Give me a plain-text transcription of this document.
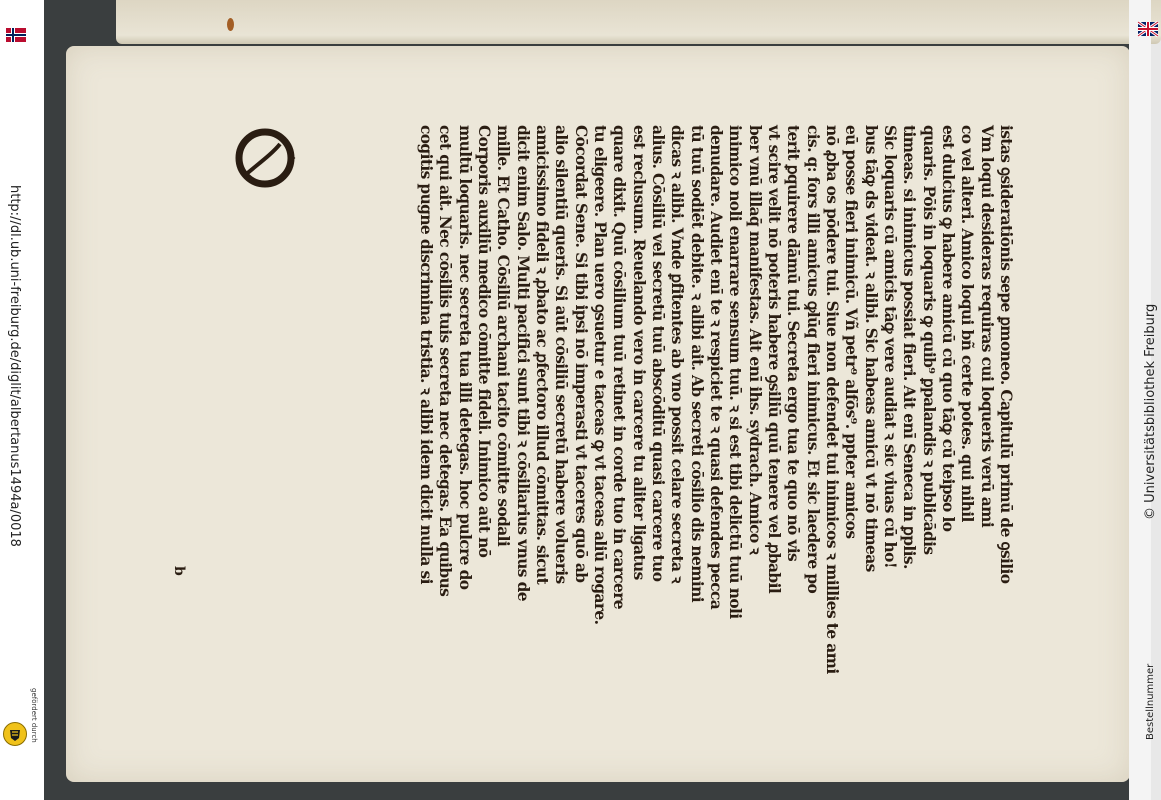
http://dl.ub.uni-freiburg.de/diglit/albertanus1494a/0018
gefördert durch
istas ꝯsideratiōnis sepe ꝑmoneo. Capitulū primū de ꝯsilio
Vm loqui desideras requiras cui loqueris verū ami
co vel alteri. Amico loqui bñ certe potes. qui nihil
est dulcius ꝙ habere amicū cū quo tāꝙ cū teipso lo
quaris. Pōis in loquaris ꝙ quib⁹ ꝑpalandis ꝛ publicādis
timeas. si inimicus possiat fieri. Ait enī Seneca in ꝑplis.
Sic loquaris cū amicis tāꝙ vere audiat ꝛ sic viuas cū ho!
bus tāꝙ ds videat. ꝛ alibi. Sic habeas amicū vt nō timeas
eū posse fieri inimicū. Vñ petr⁹ alfōs⁹. ppter amicos
nō ꝓba os pōdere tui. Siue non defendet tui inimicos ꝛ millies te ami
cis. q: fors illi amicus ꝙlūq fieri inimicus. Et sic laedere po
terit ꝑquirere dāmū tui. Secreta ergo tua te quo nō vis
vt scire velit nō poteris habere ꝯsiliū quū tenere vel ꝓbabil
ber vnū illaq̄ manifestas. Ait enī ihs. sydrach. Amico ꝛ
inimico noli enarrare sensum tuū. ꝛ si est tibi delictū tuū noli
denudare. Audiet enī te ꝛ respiciet te ꝛ quasi defendes pecca
tū tuū sodiēt debite. ꝛ alibi ait. Ab secreti cōsilio dis nemini
dicas ꝛ alibi. Vnde ꝑfitentes ab vno possit celare secreta ꝛ
alius. Cōsiliū vel secretū tuū abscōditū quasi carcere tuo
est reclusum. Reuelando vero in carcere tu aliter ligatus
quare dixit. Quū cōsilium tuū retinet in corde tuo in carcere
tu eligeere. Plan uero ꝯsuetur e taceas ꝙ vt taceas aliū rogare.
Cōcordat Sene. Si tibi ipsi nō imperasti vt taceres quō ab
alio silentiū queris. Si aūt cōsiliū secretū habere volueris
amicissimo fideli ꝛ ꝓbato ac ꝓfectoro illud cōmittas. sicut
dicit enim Salo. Multi pacifici sunt tibi ꝛ cōsiliarius vnus de
mille. Et Catho. Cōsiliū archani tacito cōmitte sodali
Corporis auxiliū medico cōmitte fideli. Inimico aūt nō
multū loquaris. nec secreta tua illi detegas. hoc pulcre do
cet qui ait. Nec cōsiliis tuis secreta nec detegas. Ea quibus
cogitis pugne discrimina tristia. ꝛ alibi idem dicit nulla si
b
© Universitätsbibliothek Freiburg
Bestellnummer
